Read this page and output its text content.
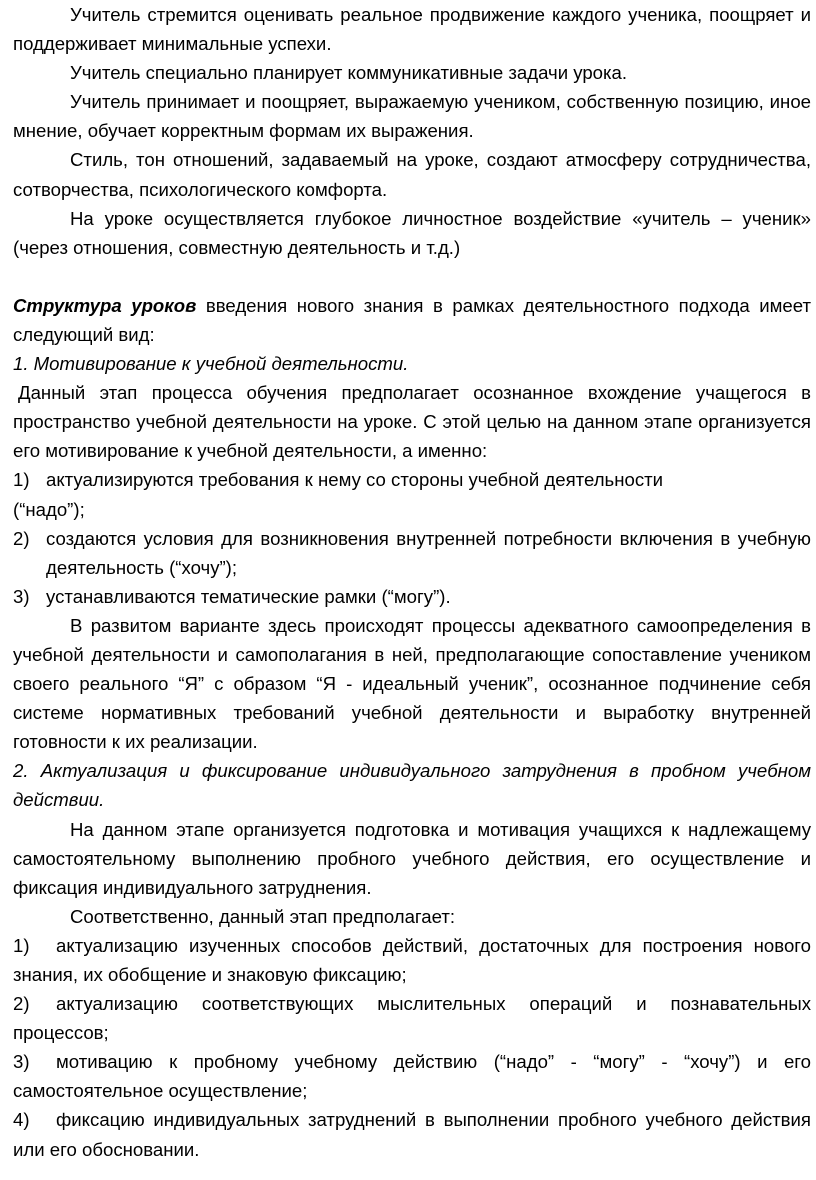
Учитель стремится оценивать реальное продвижение каждого ученика, поощряет и поддерживает минимальные успехи.

Учитель специально планирует коммуникативные задачи урока.

Учитель принимает и поощряет, выражаемую учеником, собственную позицию, иное мнение, обучает корректным формам их выражения.

Стиль, тон отношений, задаваемый на уроке, создают атмосферу сотрудничества, сотворчества, психологического комфорта.

На уроке осуществляется глубокое личностное воздействие «учитель – ученик» (через отношения, совместную деятельность и т.д.)

Структура уроков введения нового знания в рамках деятельностного подхода имеет следующий вид:

1. Мотивирование к учебной деятельности.

Данный этап процесса обучения предполагает осознанное вхождение учащегося в пространство учебной деятельности на уроке. С этой целью на данном этапе организуется его мотивирование к учебной деятельности, а именно:

1) актуализируются требования к нему со стороны учебной деятельности

(“надо”);

2) создаются условия для возникновения внутренней потребности включения в учебную деятельность (“хочу”);

3) устанавливаются тематические рамки (“могу”).

В развитом варианте здесь происходят процессы адекватного самоопределения в учебной деятельности и самополагания в ней, предполагающие сопоставление учеником своего реального “Я” с образом “Я - идеальный ученик”, осознанное подчинение себя системе нормативных требований учебной деятельности и выработку внутренней готовности к их реализации.

2. Актуализация и фиксирование индивидуального затруднения в пробном учебном действии.

На данном этапе организуется подготовка и мотивация учащихся к надлежащему самостоятельному выполнению пробного учебного действия, его осуществление и фиксация индивидуального затруднения.

Соответственно, данный этап предполагает:

1) актуализацию изученных способов действий, достаточных для построения нового знания, их обобщение и знаковую фиксацию;

2) актуализацию соответствующих мыслительных операций и познавательных процессов;

3) мотивацию к пробному учебному действию (“надо” - “могу” - “хочу”) и его самостоятельное осуществление;

4) фиксацию индивидуальных затруднений в выполнении пробного учебного действия или его обосновании.
